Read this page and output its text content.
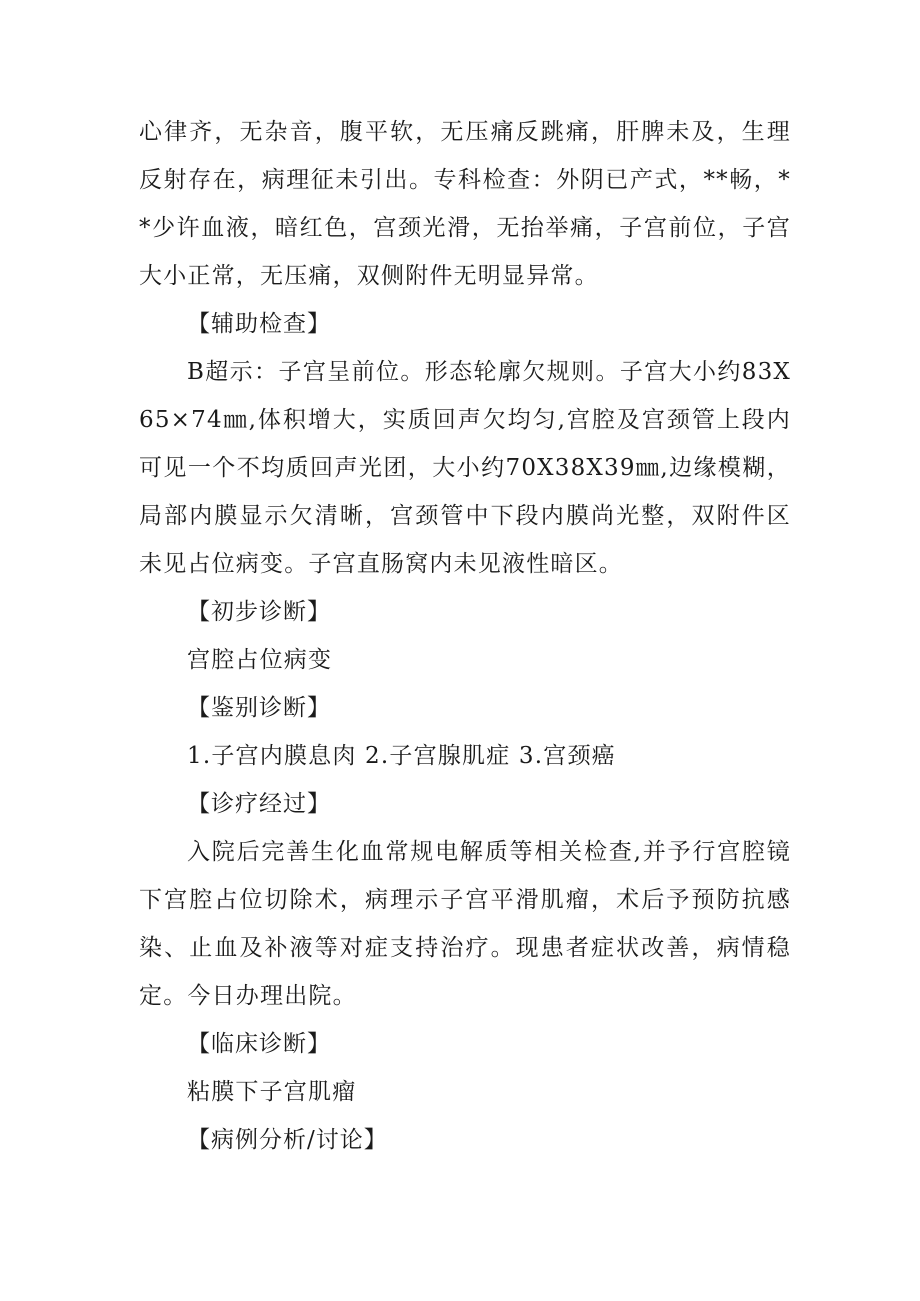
心律齐，无杂音，腹平软，无压痛反跳痛，肝脾未及，生理反射存在，病理征未引出。专科检查：外阴已产式，**畅，**少许血液，暗红色，宫颈光滑，无抬举痛，子宫前位，子宫大小正常，无压痛，双侧附件无明显异常。

【辅助检查】

B超示：子宫呈前位。形态轮廓欠规则。子宫大小约83X65×74㎜,体积增大，实质回声欠均匀,宫腔及宫颈管上段内可见一个不均质回声光团，大小约70X38X39㎜,边缘模糊，局部内膜显示欠清晰，宫颈管中下段内膜尚光整，双附件区未见占位病变。子宫直肠窝内未见液性暗区。

【初步诊断】

宫腔占位病变

【鉴别诊断】

1.子宫内膜息肉 2.子宫腺肌症 3.宫颈癌

【诊疗经过】

入院后完善生化血常规电解质等相关检查,并予行宫腔镜下宫腔占位切除术，病理示子宫平滑肌瘤，术后予预防抗感染、止血及补液等对症支持治疗。现患者症状改善，病情稳定。今日办理出院。

【临床诊断】

粘膜下子宫肌瘤

【病例分析/讨论】
